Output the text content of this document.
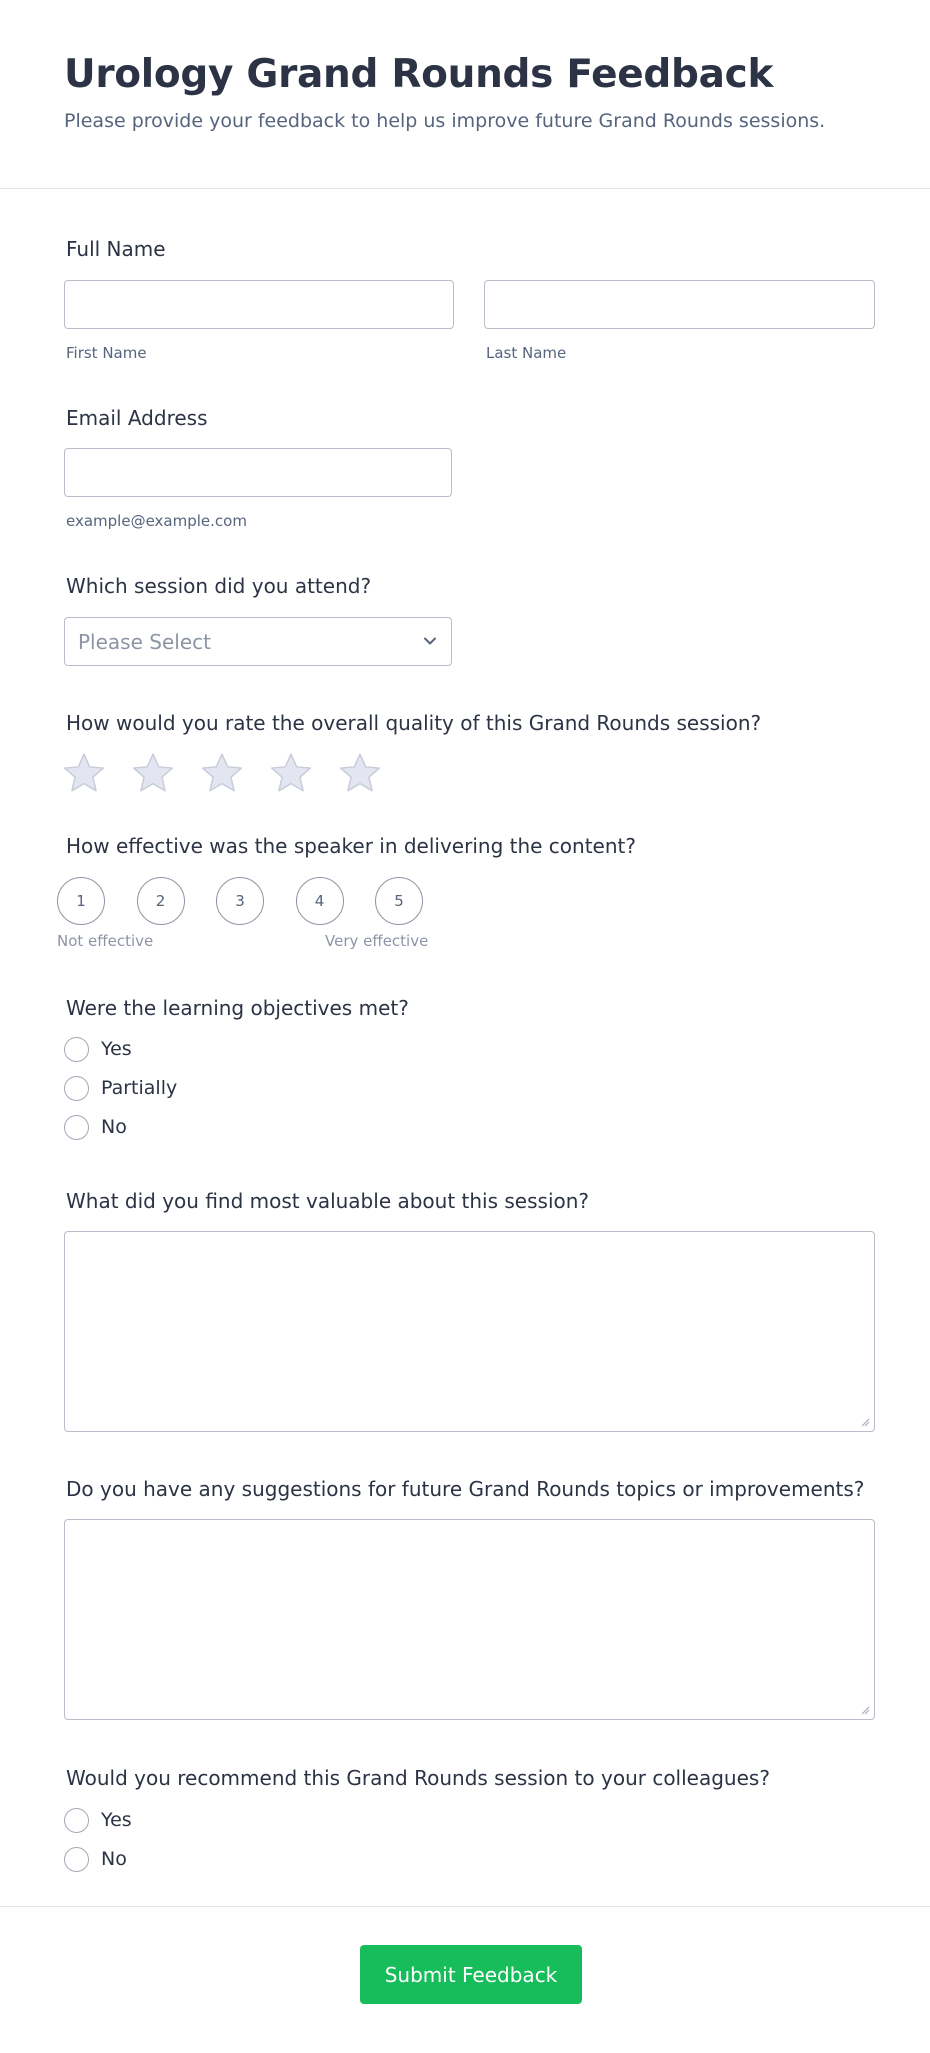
Urology Grand Rounds Feedback
Please provide your feedback to help us improve future Grand Rounds sessions.
Full Name
First Name	Last Name
Email Address
example@example.com
Which session did you attend?
Please Select
How would you rate the overall quality of this Grand Rounds session?
How effective was the speaker in delivering the content?
1	2	3	4	5
Not effective	Very effective
Were the learning objectives met?
Yes
Partially
No
What did you find most valuable about this session?
Do you have any suggestions for future Grand Rounds topics or improvements?
Would you recommend this Grand Rounds session to your colleagues?
Yes
No
Submit Feedback
